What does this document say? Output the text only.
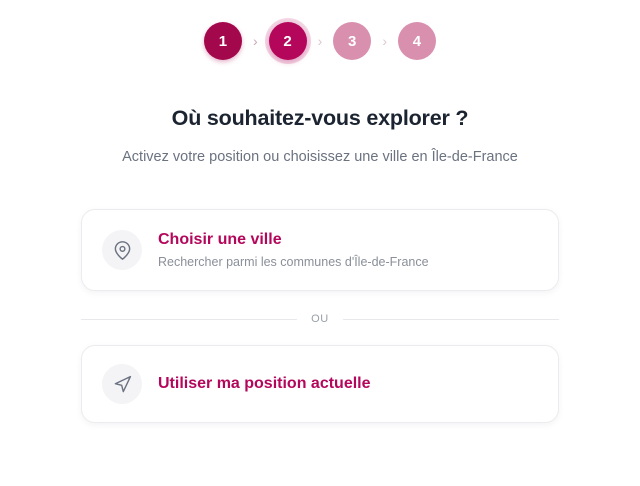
1 › 2 › 3 › 4
Où souhaitez-vous explorer ?

Activez votre position ou choisissez une ville en Île-de-France

Choisir une ville
Rechercher parmi les communes d'Île-de-France
OU
Utiliser ma position actuelle
